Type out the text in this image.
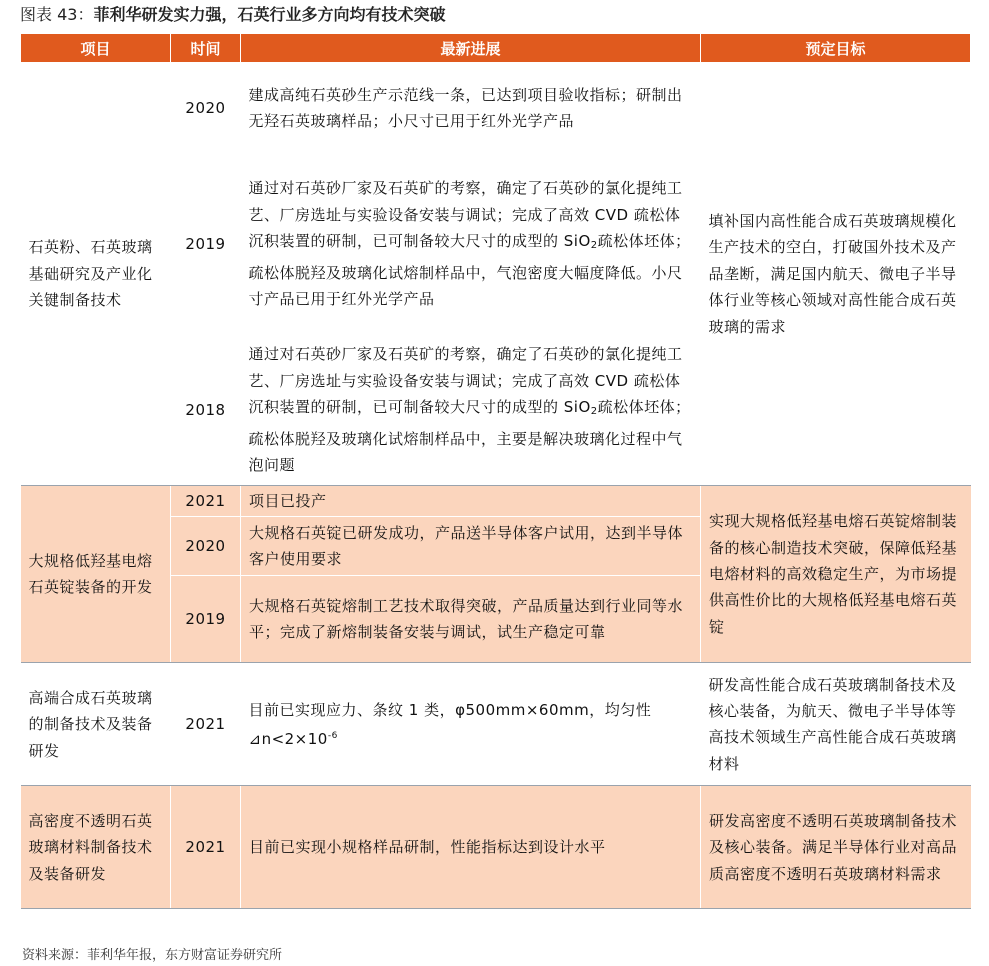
图表 43：菲利华研发实力强，石英行业多方向均有技术突破
项目	时间	最新进展	预定目标
石英粉、石英玻璃基础研究及产业化关键制备技术	2020	建成高纯石英砂生产示范线一条，已达到项目验收指标；研制出无羟石英玻璃样品；小尺寸已用于红外光学产品	填补国内高性能合成石英玻璃规模化生产技术的空白，打破国外技术及产品垄断，满足国内航天、微电子半导体行业等核心领域对高性能合成石英玻璃的需求
	2019	通过对石英砂厂家及石英矿的考察，确定了石英砂的氯化提纯工艺、厂房选址与实验设备安装与调试；完成了高效 CVD 疏松体沉积装置的研制，已可制备较大尺寸的成型的 SiO$_2$疏松体坯体；疏松体脱羟及玻璃化试熔制样品中，气泡密度大幅度降低。小尺寸产品已用于红外光学产品	
	2018	通过对石英砂厂家及石英矿的考察，确定了石英砂的氯化提纯工艺、厂房选址与实验设备安装与调试；完成了高效 CVD 疏松体沉积装置的研制，已可制备较大尺寸的成型的 SiO$_2$疏松体坯体；疏松体脱羟及玻璃化试熔制样品中，主要是解决玻璃化过程中气泡问题	
大规格低羟基电熔石英锭装备的开发	2021	项目已投产	实现大规格低羟基电熔石英锭熔制装备的核心制造技术突破，保障低羟基电熔材料的高效稳定生产，为市场提供高性价比的大规格低羟基电熔石英锭
	2020	大规格石英锭已研发成功，产品送半导体客户试用，达到半导体客户使用要求	
	2019	大规格石英锭熔制工艺技术取得突破，产品质量达到行业同等水平；完成了新熔制装备安装与调试，试生产稳定可靠	
高端合成石英玻璃的制备技术及装备研发	2021	目前已实现应力、条纹 1 类，φ500mm×60mm，均匀性$⊿n<2\times 10^{-6}$	研发高性能合成石英玻璃制备技术及核心装备，为航天、微电子半导体等高技术领域生产高性能合成石英玻璃材料
高密度不透明石英玻璃材料制备技术及装备研发	2021	目前已实现小规格样品研制，性能指标达到设计水平	研发高密度不透明石英玻璃制备技术及核心装备。满足半导体行业对高品质高密度不透明石英玻璃材料需求
资料来源：菲利华年报，东方财富证券研究所
